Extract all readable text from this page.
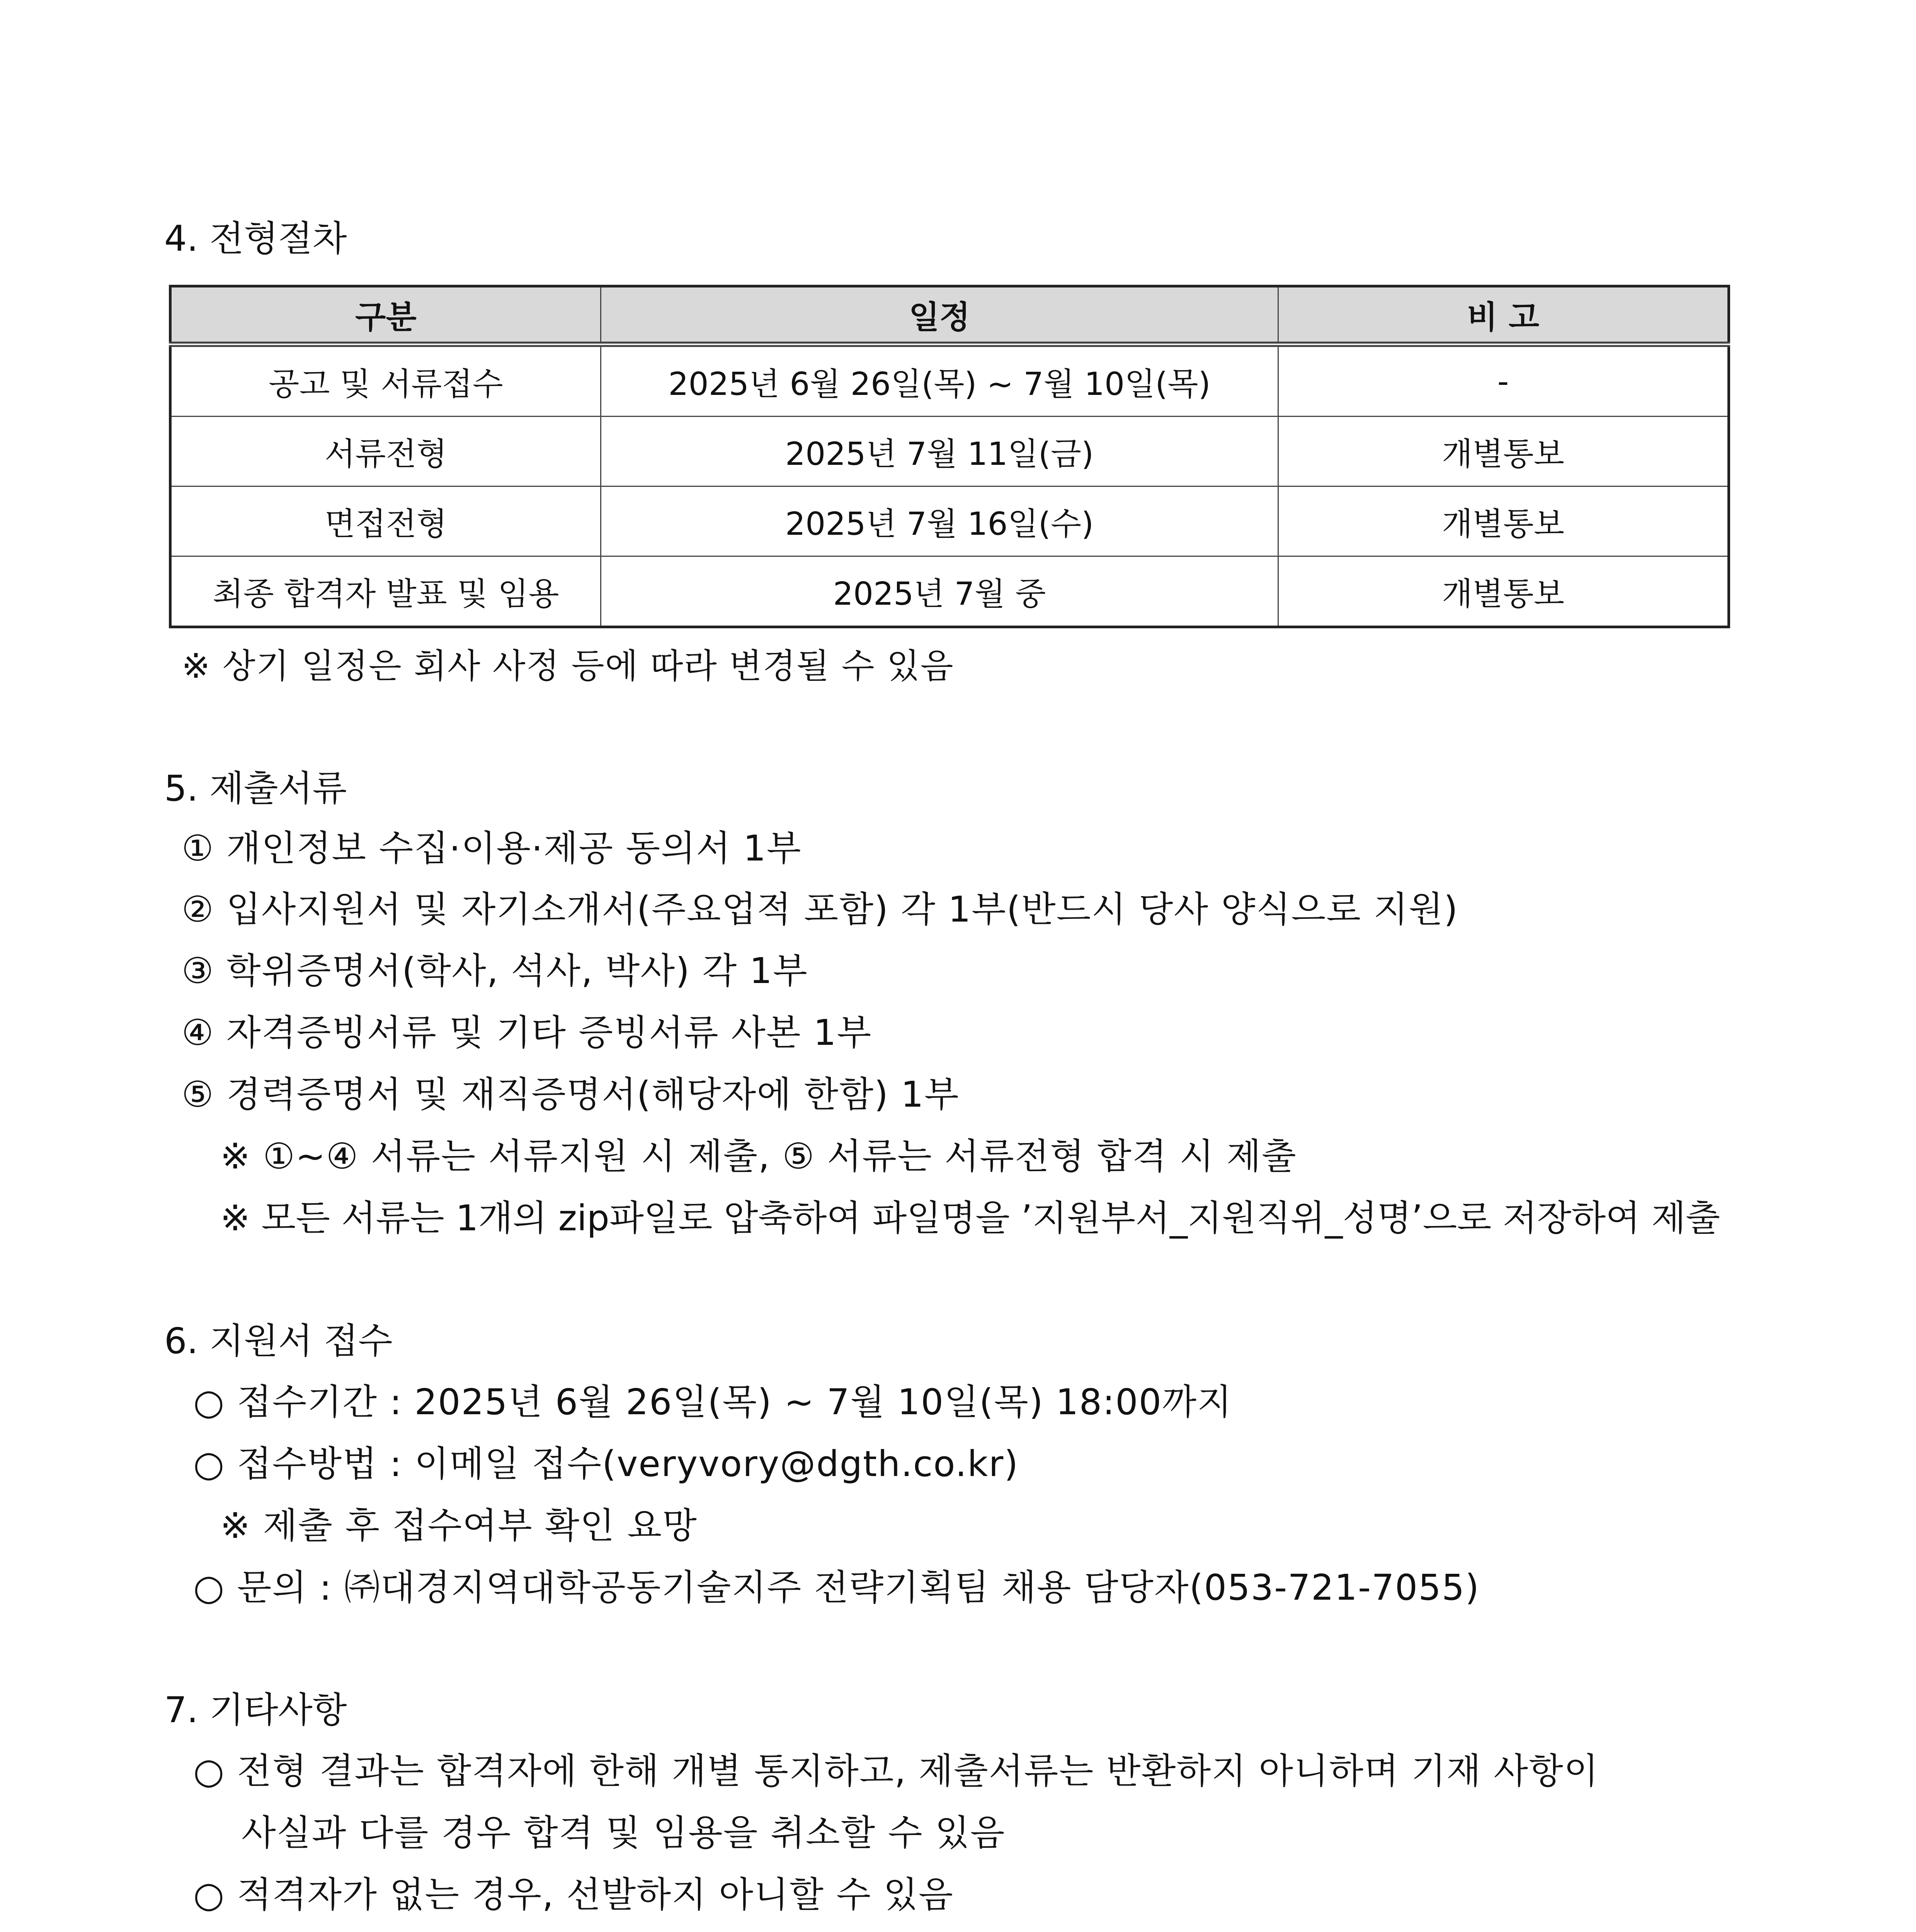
4. 전형절차
구분	일정	비 고
공고 및 서류접수	2025년 6월 26일(목) ~ 7월 10일(목)	-
서류전형	2025년 7월 11일(금)	개별통보
면접전형	2025년 7월 16일(수)	개별통보
최종 합격자 발표 및 임용	2025년 7월 중	개별통보
※ 상기 일정은 회사 사정 등에 따라 변경될 수 있음
5. 제출서류
① 개인정보 수집·이용·제공 동의서 1부
② 입사지원서 및 자기소개서(주요업적 포함) 각 1부(반드시 당사 양식으로 지원)
③ 학위증명서(학사, 석사, 박사) 각 1부
④ 자격증빙서류 및 기타 증빙서류 사본 1부
⑤ 경력증명서 및 재직증명서(해당자에 한함) 1부
※ ①~④ 서류는 서류지원 시 제출, ⑤ 서류는 서류전형 합격 시 제출
※ 모든 서류는 1개의 zip파일로 압축하여 파일명을 ’지원부서_지원직위_성명’으로 저장하여 제출
6. 지원서 접수
○ 접수기간 : 2025년 6월 26일(목) ~ 7월 10일(목) 18:00까지
○ 접수방법 : 이메일 접수(veryvory@dgth.co.kr)
※ 제출 후 접수여부 확인 요망
○ 문의 : ㈜대경지역대학공동기술지주 전략기획팀 채용 담당자(053-721-7055)
7. 기타사항
○ 전형 결과는 합격자에 한해 개별 통지하고, 제출서류는 반환하지 아니하며 기재 사항이
사실과 다를 경우 합격 및 임용을 취소할 수 있음
○ 적격자가 없는 경우, 선발하지 아니할 수 있음
